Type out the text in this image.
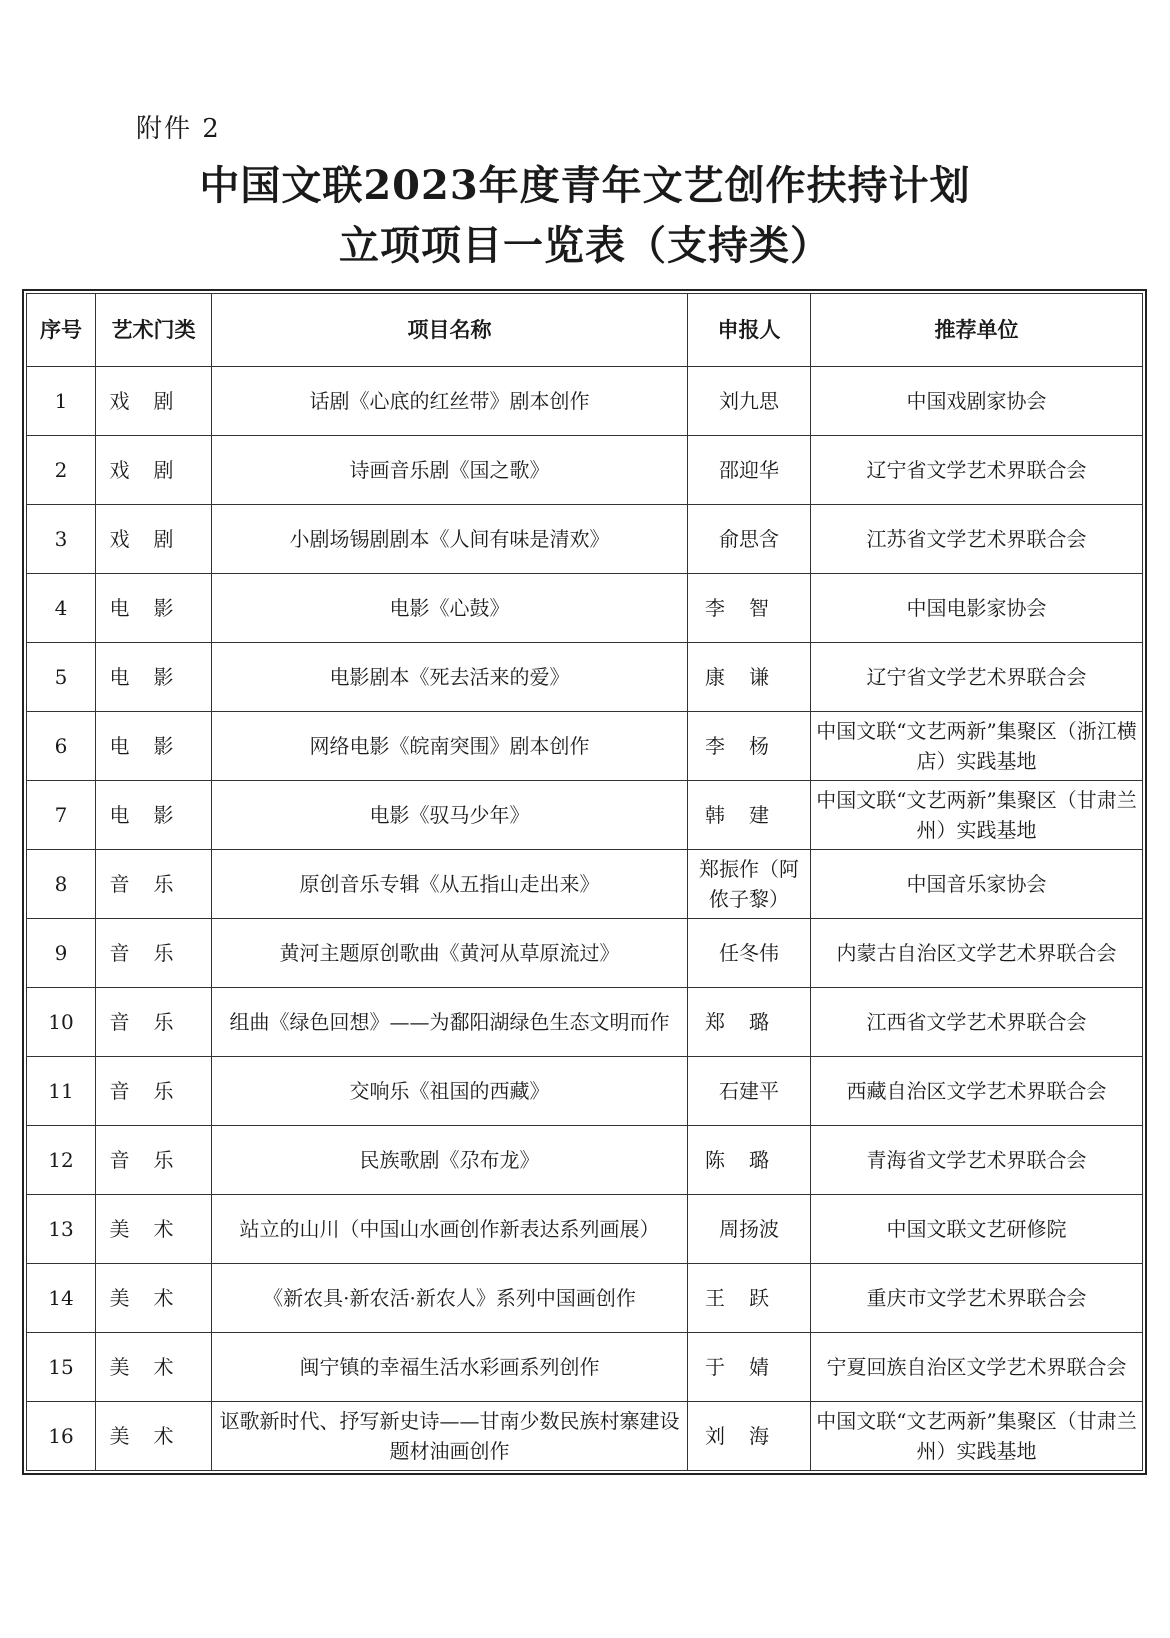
附件 2
中国文联2023年度青年文艺创作扶持计划
立项项目一览表（支持类）
序号	艺术门类	项目名称	申报人	推荐单位
1	戏剧	话剧《心底的红丝带》剧本创作	刘九思	中国戏剧家协会
2	戏剧	诗画音乐剧《国之歌》	邵迎华	辽宁省文学艺术界联合会
3	戏剧	小剧场锡剧剧本《人间有味是清欢》	俞思含	江苏省文学艺术界联合会
4	电影	电影《心鼓》	李智	中国电影家协会
5	电影	电影剧本《死去活来的爱》	康谦	辽宁省文学艺术界联合会
6	电影	网络电影《皖南突围》剧本创作	李杨	中国文联“文艺两新”集聚区（浙江横店）实践基地
7	电影	电影《驭马少年》	韩建	中国文联“文艺两新”集聚区（甘肃兰州）实践基地
8	音乐	原创音乐专辑《从五指山走出来》	郑振作（阿侬子黎）	中国音乐家协会
9	音乐	黄河主题原创歌曲《黄河从草原流过》	任冬伟	内蒙古自治区文学艺术界联合会
10	音乐	组曲《绿色回想》——为鄱阳湖绿色生态文明而作	郑璐	江西省文学艺术界联合会
11	音乐	交响乐《祖国的西藏》	石建平	西藏自治区文学艺术界联合会
12	音乐	民族歌剧《尕布龙》	陈璐	青海省文学艺术界联合会
13	美术	站立的山川（中国山水画创作新表达系列画展）	周扬波	中国文联文艺研修院
14	美术	《新农具·新农活·新农人》系列中国画创作	王跃	重庆市文学艺术界联合会
15	美术	闽宁镇的幸福生活水彩画系列创作	于婧	宁夏回族自治区文学艺术界联合会
16	美术	讴歌新时代、抒写新史诗——甘南少数民族村寨建设题材油画创作	刘海	中国文联“文艺两新”集聚区（甘肃兰州）实践基地
